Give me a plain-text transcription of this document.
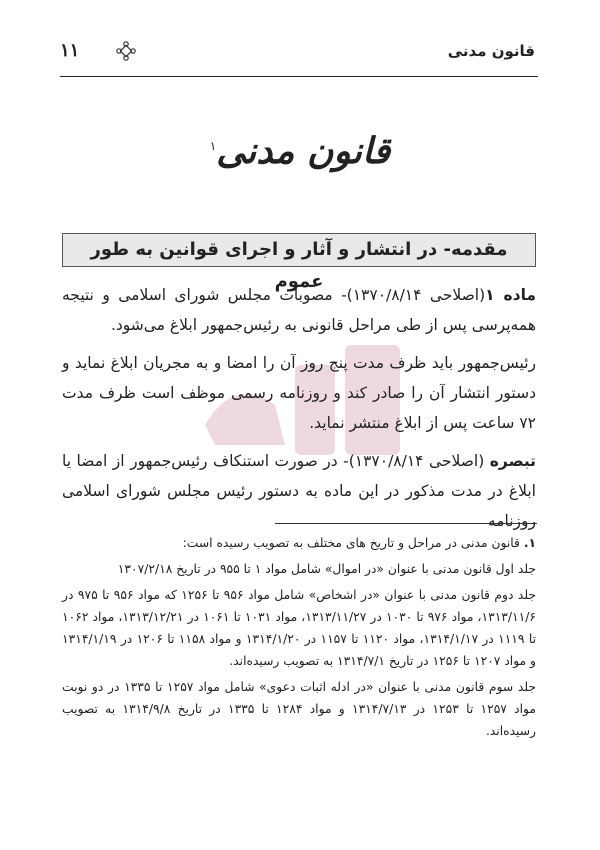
قانون مدنی
۱۱
قانون مدنی$^۱$
مقدمه- در انتشار و آثار و اجرای قوانین به طور عموم

ماده ۱(اصلاحی ۱۳۷۰/۸/۱۴)- مصوبات مجلس شورای اسلامی و نتیجه همه‌پرسی پس از طی مراحل قانونی به رئیس‌جمهور ابلاغ می‌شود.

رئیس‌جمهور باید ظرف مدت پنج روز آن را امضا و به مجریان ابلاغ نماید و دستور انتشار آن را صادر کند و روزنامه رسمی موظف است ظرف مدت ۷۲ ساعت پس از ابلاغ منتشر نماید.

تبصره (اصلاحی ۱۳۷۰/۸/۱۴)- در صورت استنکاف رئیس‌جمهور از امضا یا ابلاغ در مدت مذکور در این ماده به دستور رئیس مجلس شورای اسلامی روزنامه

۱. قانون مدنی در مراحل و تاریخ های مختلف به تصویب رسیده است:

جلد اول قانون مدنی با عنوان «در اموال» شامل مواد ۱ تا ۹۵۵ در تاریخ ۱۳۰۷/۲/۱۸

جلد دوم قانون مدنی با عنوان «در اشخاص» شامل مواد ۹۵۶ تا ۱۲۵۶ که مواد ۹۵۶ تا ۹۷۵ در ۱۳۱۳/۱۱/۶، مواد ۹۷۶ تا ۱۰۳۰ در ۱۳۱۳/۱۱/۲۷، مواد ۱۰۳۱ تا ۱۰۶۱ در ۱۳۱۳/۱۲/۲۱، مواد ۱۰۶۲ تا ۱۱۱۹ در ۱۳۱۴/۱/۱۷، مواد ۱۱۲۰ تا ۱۱۵۷ در ۱۳۱۴/۱/۲۰ و مواد ۱۱۵۸ تا ۱۲۰۶ در ۱۳۱۴/۱/۱۹ و مواد ۱۲۰۷ تا ۱۲۵۶ در تاریخ ۱۳۱۴/۷/۱ به تصویب رسیده‌اند.

جلد سوم قانون مدنی با عنوان «در ادله اثبات دعوی» شامل مواد ۱۲۵۷ تا ۱۳۳۵ در دو نوبت مواد ۱۲۵۷ تا ۱۲۵۳ در ۱۳۱۴/۷/۱۳ و مواد ۱۲۸۴ تا ۱۳۳۵ در تاریخ ۱۳۱۴/۹/۸ به تصویب رسیده‌اند.
